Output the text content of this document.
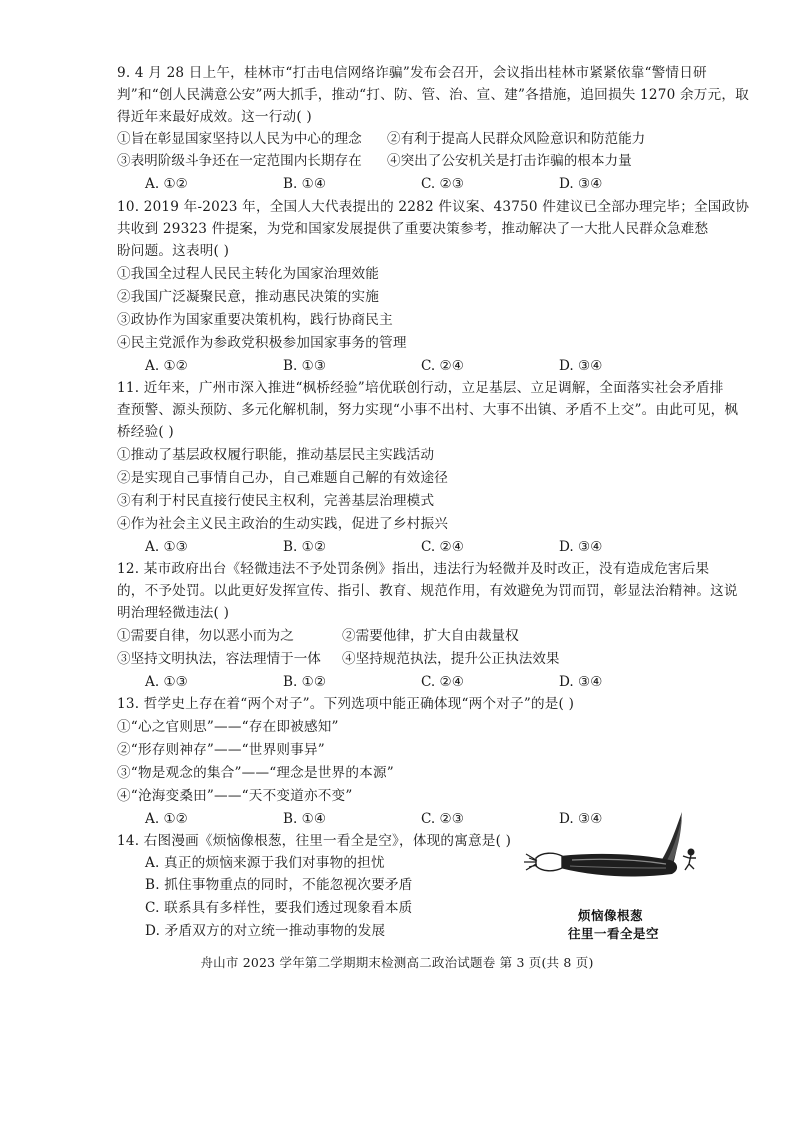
9. 4 月 28 日上午，桂林市“打击电信网络诈骗”发布会召开，会议指出桂林市紧紧依靠“警情日研
判”和“创人民满意公安”两大抓手，推动“打、防、管、治、宣、建”各措施，追回损失 1270 余万元，取
得近年来最好成效。这一行动( )
①旨在彰显国家坚持以人民为中心的理念 ②有利于提高人民群众风险意识和防范能力
③表明阶级斗争还在一定范围内长期存在 ④突出了公安机关是打击诈骗的根本力量
A. ①②	B. ①④	C. ②③	D. ③④
10. 2019 年-2023 年，全国人大代表提出的 2282 件议案、43750 件建议已全部办理完毕；全国政协
共收到 29323 件提案，为党和国家发展提供了重要决策参考，推动解决了一大批人民群众急难愁
盼问题。这表明( )
①我国全过程人民民主转化为国家治理效能
②我国广泛凝聚民意，推动惠民决策的实施
③政协作为国家重要决策机构，践行协商民主
④民主党派作为参政党积极参加国家事务的管理
A. ①②	B. ①③	C. ②④	D. ③④
11. 近年来，广州市深入推进“枫桥经验”培优联创行动，立足基层、立足调解，全面落实社会矛盾排
查预警、源头预防、多元化解机制，努力实现“小事不出村、大事不出镇、矛盾不上交”。由此可见，枫
桥经验( )
①推动了基层政权履行职能，推动基层民主实践活动
②是实现自己事情自己办，自己难题自己解的有效途径
③有利于村民直接行使民主权利，完善基层治理模式
④作为社会主义民主政治的生动实践，促进了乡村振兴
A. ①③	B. ①②	C. ②④	D. ③④
12. 某市政府出台《轻微违法不予处罚条例》指出，违法行为轻微并及时改正，没有造成危害后果
的，不予处罚。以此更好发挥宣传、指引、教育、规范作用，有效避免为罚而罚，彰显法治精神。这说
明治理轻微违法( )
①需要自律，勿以恶小而为之	②需要他律，扩大自由裁量权
③坚持文明执法，容法理情于一体 ④坚持规范执法，提升公正执法效果
A. ①③	B. ①②	C. ②④	D. ③④
13. 哲学史上存在着“两个对子”。下列选项中能正确体现“两个对子”的是( )
①“心之官则思”——“存在即被感知”
②“形存则神存”——“世界则事异”
③“物是观念的集合”——“理念是世界的本源”
④“沧海变桑田”——“天不变道亦不变”
A. ①②	B. ①④	C. ②③	D. ③④
14. 右图漫画《烦恼像根葱，往里一看全是空》，体现的寓意是( )
A. 真正的烦恼来源于我们对事物的担忧
B. 抓住事物重点的同时，不能忽视次要矛盾
C. 联系具有多样性，要我们透过现象看本质
D. 矛盾双方的对立统一推动事物的发展
烦恼像根葱
往里一看全是空
舟山市 2023 学年第二学期期末检测高二政治试题卷 第 3 页(共 8 页)
